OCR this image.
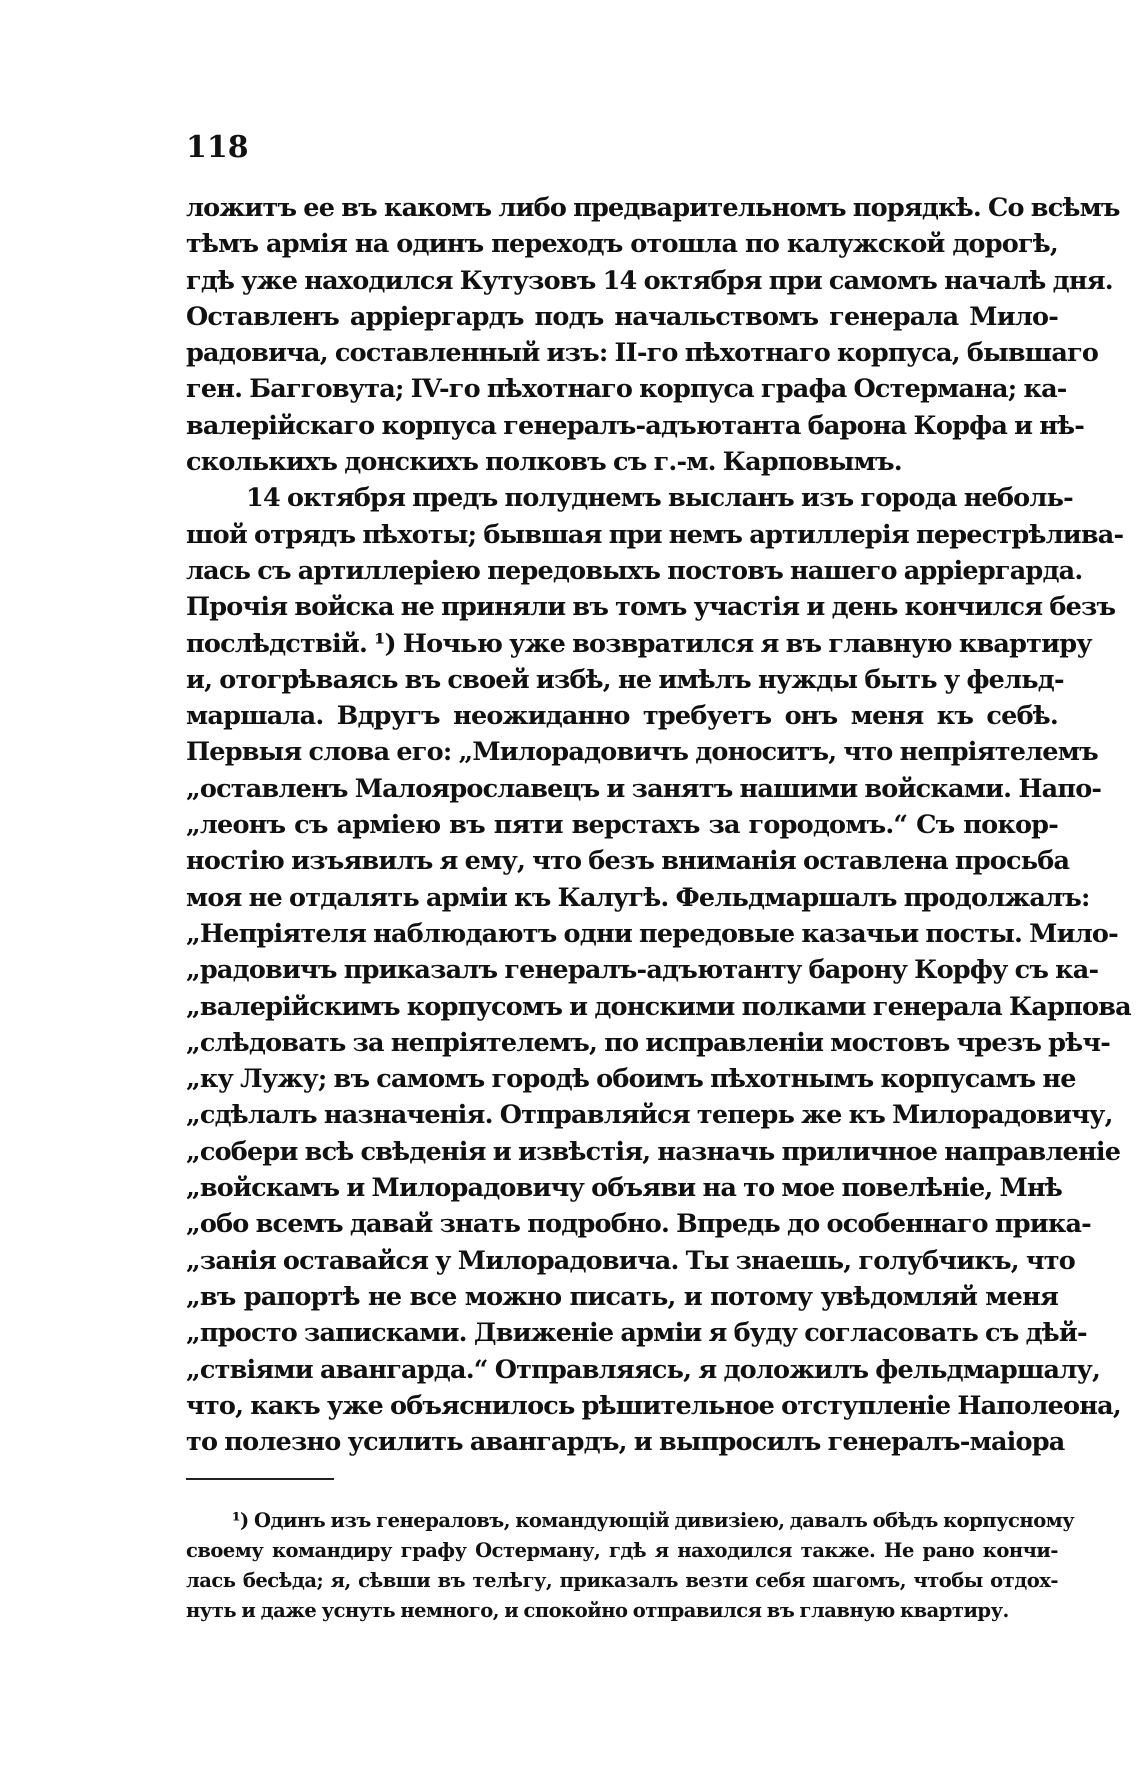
118
ложитъ ее въ какомъ либо предварительномъ порядкѣ. Со всѣмъ
тѣмъ армія на одинъ переходъ отошла по калужской дорогѣ,
гдѣ уже находился Кутузовъ 14 октября при самомъ началѣ дня.
Оставленъ арріергардъ подъ начальствомъ генерала Мило-
радовича, составленный изъ: II-го пѣхотнаго корпуса, бывшаго
ген. Багговута; IV-го пѣхотнаго корпуса графа Остермана; ка-
валерійскаго корпуса генералъ-адъютанта барона Корфа и нѣ-
сколькихъ донскихъ полковъ съ г.-м. Карповымъ.
14 октября предъ полуднемъ высланъ изъ города неболь-
шой отрядъ пѣхоты; бывшая при немъ артиллерія перестрѣлива-
лась съ артиллеріею передовыхъ постовъ нашего арріергарда.
Прочія войска не приняли въ томъ участія и день кончился безъ
послѣдствій. ¹) Ночью уже возвратился я въ главную квартиру
и, отогрѣваясь въ своей избѣ, не имѣлъ нужды быть у фельд-
маршала. Вдругъ неожиданно требуетъ онъ меня къ себѣ.
Первыя слова его: „Милорадовичъ доноситъ, что непріятелемъ
„оставленъ Малоярославецъ и занятъ нашими войсками. Напо-
„леонъ съ арміею въ пяти верстахъ за городомъ.“ Съ покор-
ностію изъявилъ я ему, что безъ вниманія оставлена просьба
моя не отдалять арміи къ Калугѣ. Фельдмаршалъ продолжалъ:
„Непріятеля наблюдаютъ одни передовые казачьи посты. Мило-
„радовичъ приказалъ генералъ-адъютанту барону Корфу съ ка-
„валерійскимъ корпусомъ и донскими полками генерала Карпова
„слѣдовать за непріятелемъ, по исправленіи мостовъ чрезъ рѣч-
„ку Лужу; въ самомъ городѣ обоимъ пѣхотнымъ корпусамъ не
„сдѣлалъ назначенія. Отправляйся теперь же къ Милорадовичу,
„собери всѣ свѣденія и извѣстія, назначь приличное направленіе
„войскамъ и Милорадовичу объяви на то мое повелѣніе, Мнѣ
„обо всемъ давай знать подробно. Впредь до особеннаго прика-
„занія оставайся у Милорадовича. Ты знаешь, голубчикъ, что
„въ рапортѣ не все можно писать, и потому увѣдомляй меня
„просто записками. Движеніе арміи я буду согласовать съ дѣй-
„ствіями авангарда.“ Отправляясь, я доложилъ фельдмаршалу,
что, какъ уже объяснилось рѣшительное отступленіе Наполеона,
то полезно усилить авангардъ, и выпросилъ генералъ-маіора
¹) Одинъ изъ генераловъ, командующій дивизіею, давалъ обѣдъ корпусному
своему командиру графу Остерману, гдѣ я находился также. Не рано кончи-
лась бесѣда; я, сѣвши въ телѣгу, приказалъ везти себя шагомъ, чтобы отдох-
нуть и даже уснуть немного, и спокойно отправился въ главную квартиру.
